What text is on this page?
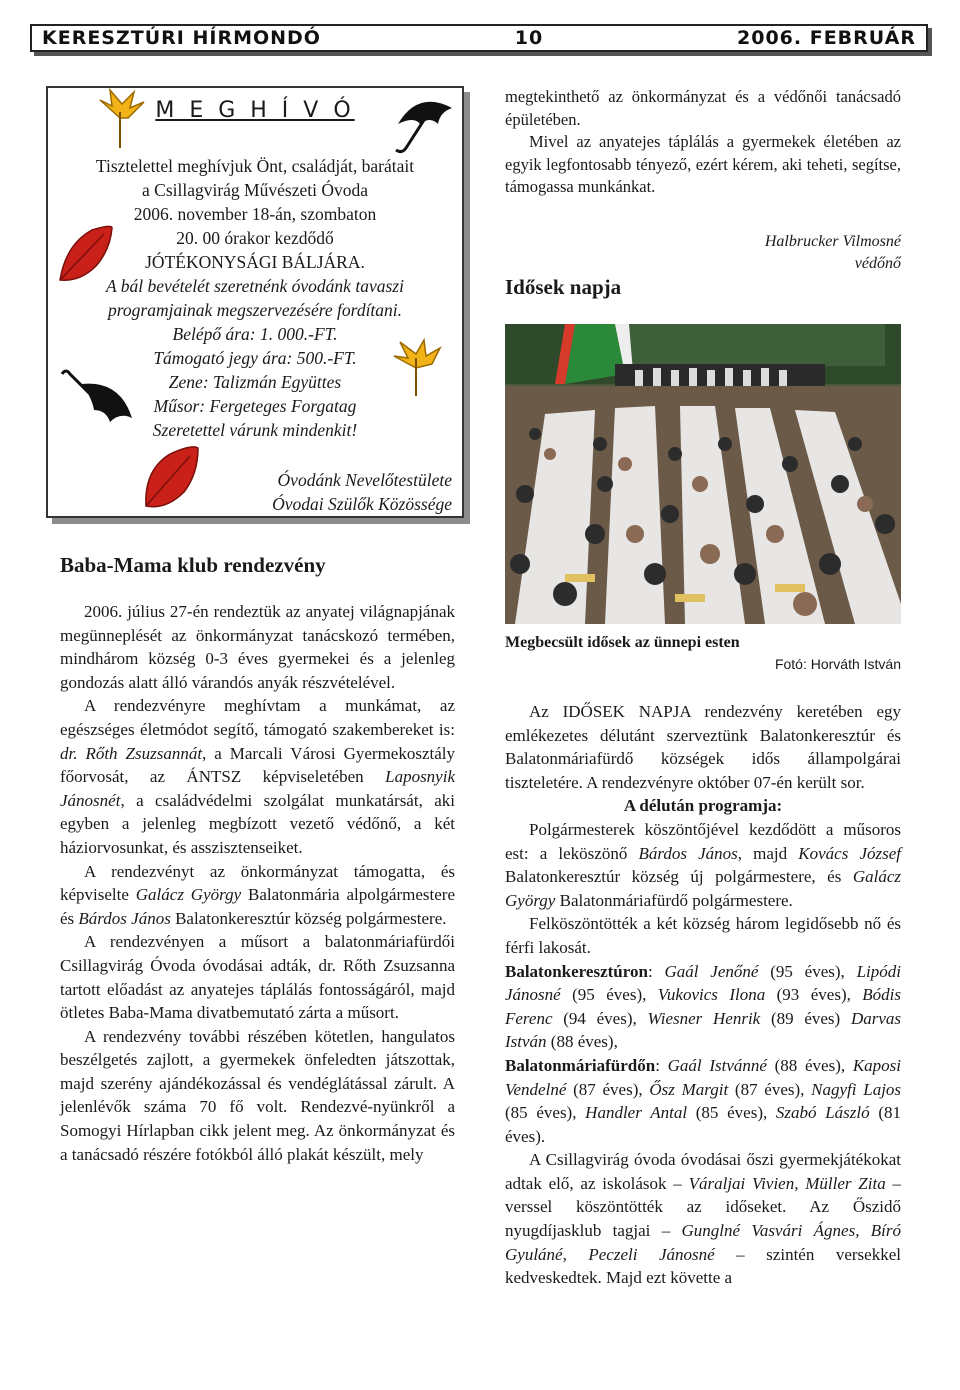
KERESZTÚRI HÍRMONDÓ	10	2006. FEBRUÁR
M E G H Í V Ó
Tisztelettel meghívjuk Önt, családját, barátait
a Csillagvirág Művészeti Óvoda
2006. november 18-án, szombaton
20. 00 órakor kezdődő
JÓTÉKONYSÁGI BÁLJÁRA.
A bál bevételét szeretnénk óvodánk tavaszi
programjainak megszervezésére fordítani.
Belépő ára: 1. 000.-FT.
Támogató jegy ára: 500.-FT.
Zene: Talizmán Együttes
Műsor: Fergeteges Forgatag
Szeretettel várunk mindenkit!
Óvodánk Nevelőtestülete
Óvodai Szülők Közössége
Baba-Mama klub rendezvény

2006. július 27-én rendeztük az anyatej világnapjának megünneplését az önkormányzat tanácskozó termében, mindhárom község 0-3 éves gyermekei és a jelenleg gondozás alatt álló várandós anyák részvételével.

A rendezvényre meghívtam a munkámat, az egészséges életmódot segítő, támogató szakembereket is: dr. Rőth Zsuzsannát, a Marcali Városi Gyermekosztály főorvosát, az ÁNTSZ képviseletében Laposnyik Jánosnét, a családvédelmi szolgálat munkatársát, aki egyben a jelenleg megbízott vezető védőnő, a két háziorvosunkat, és asszisztenseiket.

A rendezvényt az önkormányzat támogatta, és képviselte Galácz György Balatonmária alpolgármestere és Bárdos János Balatonkeresztúr község polgármestere.

A rendezvényen a műsort a balatonmáriafürdői Csillagvirág Óvoda óvodásai adták, dr. Rőth Zsuzsanna tartott előadást az anyatejes táplálás fontosságáról, majd ötletes Baba-Mama divatbemutató zárta a műsort.

A rendezvény további részében kötetlen, hangulatos beszélgetés zajlott, a gyermekek önfeledten játszottak, majd szerény ajándékozással és vendéglátással zárult. A jelenlévők száma 70 fő volt. Rendezvé-nyünkről a Somogyi Hírlapban cikk jelent meg. Az önkormányzat és a tanácsadó részére fotókból álló plakát készült, mely

megtekinthető az önkormányzat és a védőnői tanácsadó épületében.

Mivel az anyatejes táplálás a gyermekek életében az egyik legfontosabb tényező, ezért kérem, aki teheti, segítse, támogassa munkánkat.

Halbrucker Vilmosné
védőnő
Idősek napja
Megbecsült idősek az ünnepi esten
Fotó: Horváth István

Az IDŐSEK NAPJA rendezvény keretében egy emlékezetes délutánt szerveztünk Balatonkeresztúr és Balatonmáriafürdő községek idős állampolgárai tiszteletére. A rendezvényre október 07-én került sor.

A délután programja:

Polgármesterek köszöntőjével kezdődött a műsoros est: a leköszönő Bárdos János, majd Kovács József Balatonkeresztúr község új polgármestere, és Galácz György Balatonmáriafürdő polgármestere.

Felköszöntötték a két község három legidősebb nő és férfi lakosát.

Balatonkeresztúron: Gaál Jenőné (95 éves), Lipódi Jánosné (95 éves), Vukovics Ilona (93 éves), Bódis Ferenc (94 éves), Wiesner Henrik (89 éves) Darvas István (88 éves),

Balatonmáriafürdőn: Gaál Istvánné (88 éves), Kaposi Vendelné (87 éves), Ősz Margit (87 éves), Nagyfi Lajos (85 éves), Handler Antal (85 éves), Szabó László (81 éves).

A Csillagvirág óvoda óvodásai őszi gyermekjátékokat adtak elő, az iskolások – Váraljai Vivien, Müller Zita – verssel köszöntötték az időseket. Az Őszidő nyugdíjasklub tagjai – Gunglné Vasvári Ágnes, Bíró Gyuláné, Peczeli Jánosné – szintén versekkel kedveskedtek. Majd ezt követte a
